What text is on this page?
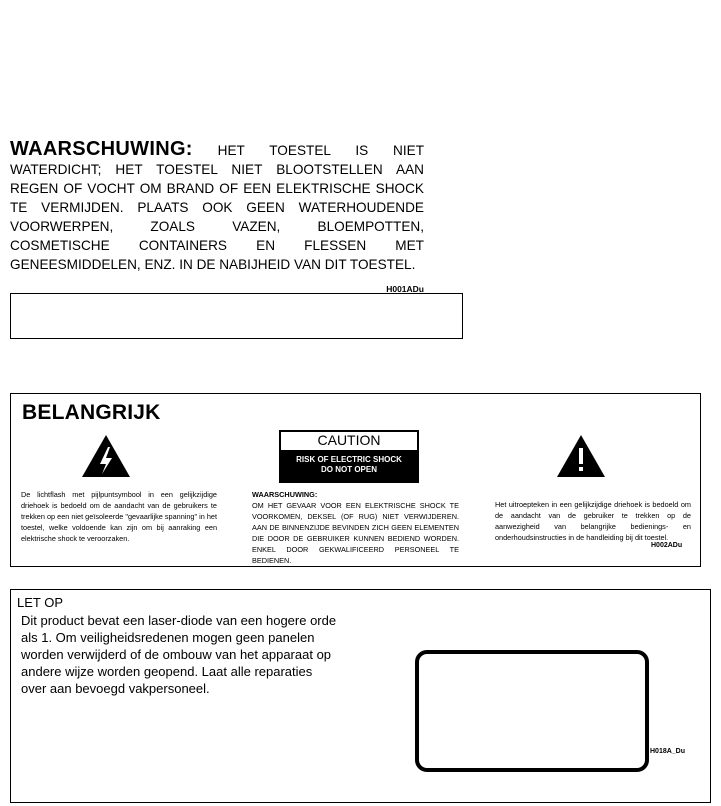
WAARSCHUWING: HET TOESTEL IS NIET WATERDICHT; HET TOESTEL NIET BLOOTSTELLEN AAN REGEN OF VOCHT OM BRAND OF EEN ELEKTRISCHE SHOCK TE VERMIJDEN. PLAATS OOK GEEN WATERHOUDENDE VOORWERPEN, ZOALS VAZEN, BLOEMPOTTEN, COSMETISCHE CONTAINERS EN FLESSEN MET GENEESMIDDELEN, ENZ. IN DE NABIJHEID VAN DIT TOESTEL.
H001ADu
BELANGRIJK
CAUTION
RISK OF ELECTRIC SHOCK
DO NOT OPEN
De lichtflash met pijlpuntsymbool in een gelijkzijdige driehoek is bedoeld om de aandacht van de gebruikers te trekken op een niet geïsoleerde "gevaarlijke spanning" in het toestel, welke voldoende kan zijn om bij aanraking een elektrische shock te veroorzaken.
WAARSCHUWING:
OM HET GEVAAR VOOR EEN ELEKTRISCHE SHOCK TE VOORKOMEN, DEKSEL (OF RUG) NIET VERWIJDEREN. AAN DE BINNENZIJDE BEVINDEN ZICH GEEN ELEMENTEN DIE DOOR DE GEBRUIKER KUNNEN BEDIEND WORDEN. ENKEL DOOR GEKWALIFICEERD PERSONEEL TE BEDIENEN.
Het uitroepteken in een gelijkzijdige driehoek is bedoeld om de aandacht van de gebruiker te trekken op de aanwezigheid van belangrijke bedienings- en onderhoudsinstructies in de handleiding bij dit toestel.
H002ADu
LET OP
Dit product bevat een laser-diode van een hogere orde als 1. Om veiligheidsredenen mogen geen panelen worden verwijderd of de ombouw van het apparaat op andere wijze worden geopend. Laat alle reparaties over aan bevoegd vakpersoneel.
H018A_Du
